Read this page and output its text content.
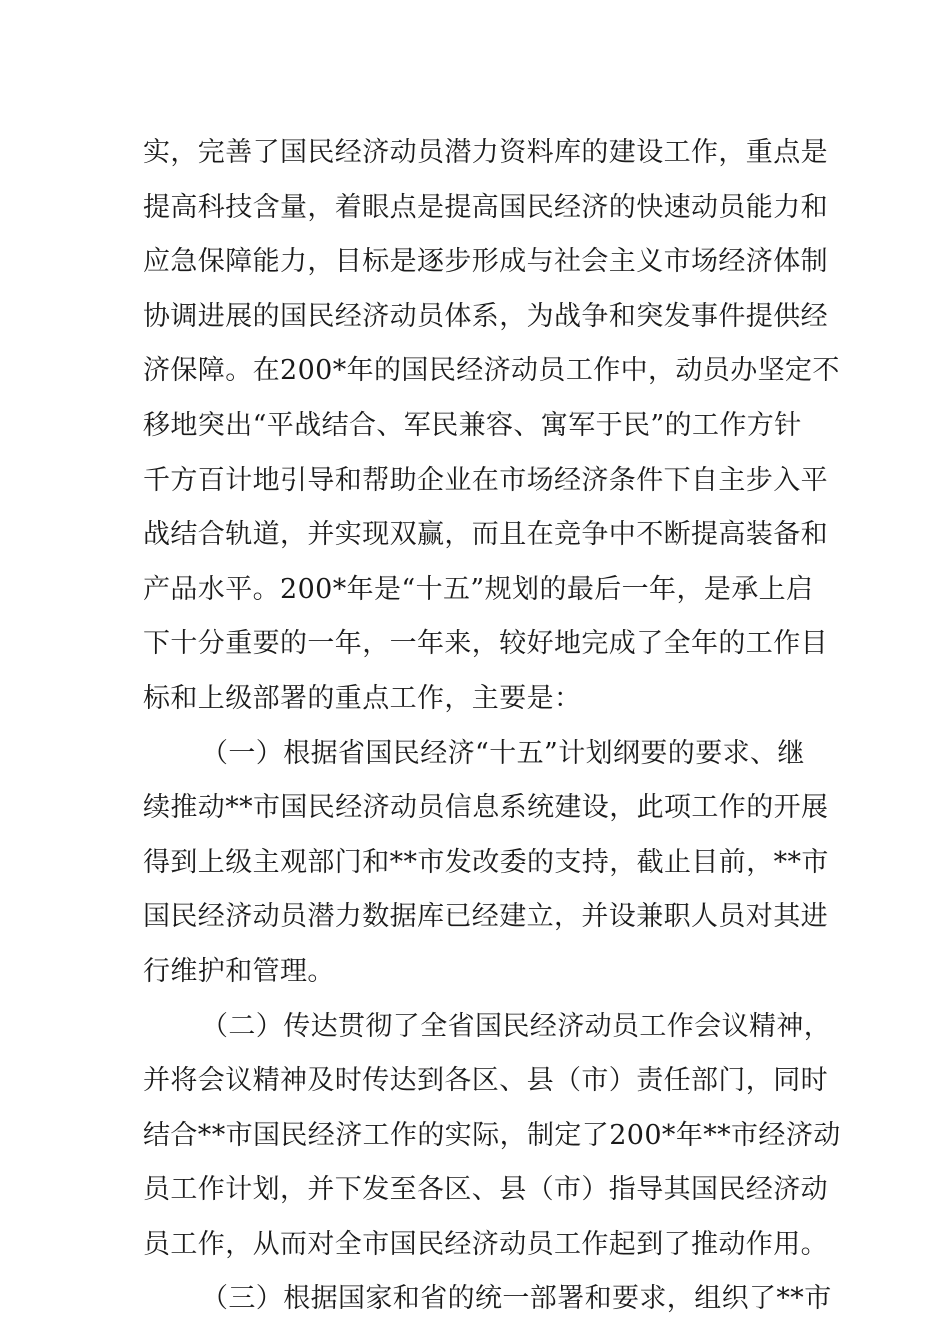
实，完善了国民经济动员潜力资料库的建设工作，重点是
提高科技含量，着眼点是提高国民经济的快速动员能力和
应急保障能力，目标是逐步形成与社会主义市场经济体制
协调进展的国民经济动员体系，为战争和突发事件提供经
济保障。在200*年的国民经济动员工作中，动员办坚定不
移地突出“平战结合、军民兼容、寓军于民”的工作方针
千方百计地引导和帮助企业在市场经济条件下自主步入平
战结合轨道，并实现双赢，而且在竞争中不断提高装备和
产品水平。200*年是“十五”规划的最后一年，是承上启
下十分重要的一年，一年来，较好地完成了全年的工作目
标和上级部署的重点工作，主要是：
（一）根据省国民经济“十五”计划纲要的要求、继
续推动**市国民经济动员信息系统建设，此项工作的开展
得到上级主观部门和**市发改委的支持，截止目前，**市
国民经济动员潜力数据库已经建立，并设兼职人员对其进
行维护和管理。
（二）传达贯彻了全省国民经济动员工作会议精神，
并将会议精神及时传达到各区、县（市）责任部门，同时
结合**市国民经济工作的实际，制定了200*年**市经济动
员工作计划，并下发至各区、县（市）指导其国民经济动
员工作，从而对全市国民经济动员工作起到了推动作用。
（三）根据国家和省的统一部署和要求，组织了**市
